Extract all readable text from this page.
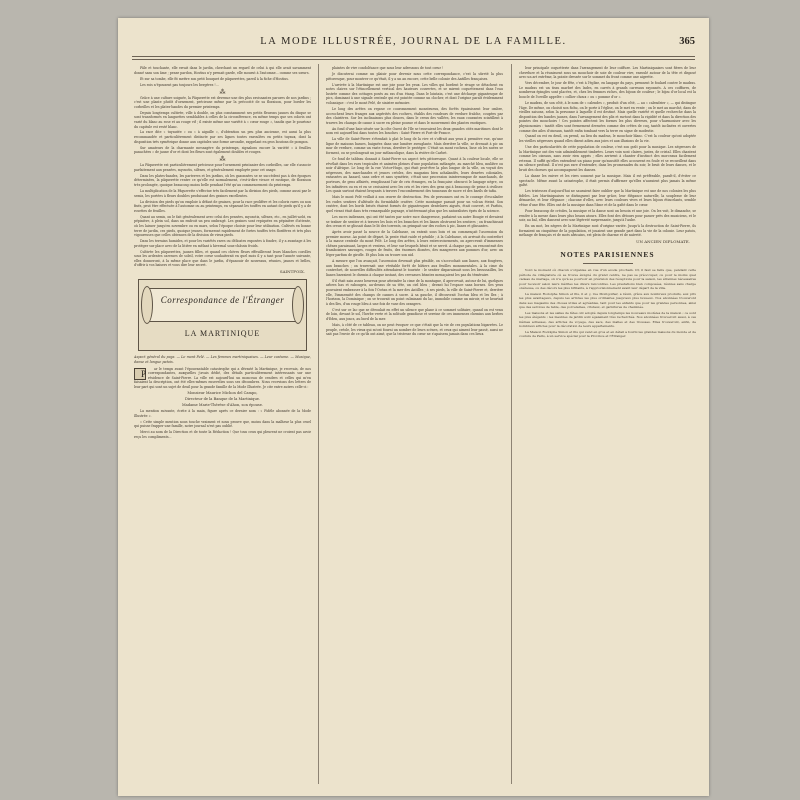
LA MODE ILLUSTRÉE, JOURNAL DE LA FAMILLE.	365

Pâle et touchante, elle errait dans le jardin, cherchant un regard de celui à qui elle avait savamment donné sans son âme ; pense pardon, Hostius n'y prenait garde, elle mourut à l'automne... comme ses sœurs.

Et sur sa tombe, elle fit mettre son petit bouquet de pâquerettes, pareil à la fiche d'Hostius.

Les rois n'épousent pas toujours les bergères !...

⁂

Grâce à une culture soignée, la Pâquerette est devenue une des plus ravissantes parures de nos jardins ; c'est une plante plutôt d'ornement, précieuse même par la précocité de sa floraison, pour border les corbeilles et les plates-bandes du premier printemps.

Depuis longtemps cultivée, ville à double, on plus constamment ses petits fleurons jaunes du disque se sont transformés en languettes semblables à celles de la circonférence, en même temps que ses coloris ont varié du blanc au rose et au rouge vif ; il existe même une variété à « cœur rouge », tandis que le pourtour du capitule est resté blanc.

La race dite « tuyautée » ou « à aiguille », d'obtention un peu plus ancienne, est aussi la plus recommandée et particulièrement distincte par ses lignes toutes enroulées en petits tuyaux, dont la disposition très symétrique donne aux capitules une forme arrondie, rappelant en gros boutons de pompon.

Sur amateurs de la charmante messagère du printemps, signalons encore la variété « à feuilles panachées » de jaune d'or et dont les fleurs sont également doubles et rouges.

⁂

La Pâquerette est particulièrement précieuse pour l'ornement printanier des corbeilles, car elle s'associe parfaitement aux pensées, myosotis, silènes, et généralement employée pour cet usage.

Dans les plates-bandes, les parterres et les jardins, où les gazonnées se se succèdent pas à des époques déterminées, la pâquerette rentre ce qu'elle est normalement, c'est-à-dire vivace et rustique, de floraison très prolongée, quoique beaucoup moins belle pendant l'été qu'au commencement du printemps.

La multiplication de la Pâquerette s'effectue très facilement par la division des pieds, comme aussi par le semis, les portées à fleurs doubles produisant des graines excellentes.

La division des pieds qu'on emploie à défaut de graines, pour la race prolifère et les coloris rares ou non fixés, peut être effectuée à l'automne ou au printemps, en séparant les touffes en autant de pieds qu'il y a de rosettes de feuilles.

Quant au semis, on le fait généralement avec celui des pensées, myosotis, silènes, etc., en juillet-août, en pépinière, à plein sol, dans un endroit un peu ombragé. Les graines sont repiquées en pépinière d'attente, où les laisser jusqu'en novembre ou en mars, selon l'époque choisie pour leur utilisation. Cultivés en bonne terre de jardin, ces pieds, quoique jeunes, formeront rapidement de fortes touffes très florifères et très plus vigoureuses que celles obtenues de la division de vieux pieds.

Dans les terrains humides, et pour les variétés rares ou délicates exposées à fondre, il y a avantage à les protéger sur place avec de la litière en mêlant à hivernal sous-châssis froids.

Cultivée les pâquerettes, jaunes filles, et quand ces chères fleurs effeuilleront leurs blanches corolles sous les ardentes caresses de soleil, votre cœur souhaiterait en quel mois il y a tant pour l'année suivante, elles donneront, à la même place que dans le jardin, d'épanouir de nouveaux, réunies, jaunes et belles, d'offrir à vos baisers et vous dire leur secret.

SAINTFOIX.
Correspondance de l'Étranger
LA MARTINIQUE
Aspect général du pays. — Le mont Pelé. — Les femmes martiniquaises. — Leur costume. — Musique, danse et langue patois.

P ar le temps avant l'épouvantable catastrophe qui a dévasté la Martinique, je recevais, de nos correspondantes, auxquelles j'avais dédié, des détails particulièrement intéressants sur une résidence de Saint-Pierre. La ville est aujourd'hui un monceau de cendres et celles qui m'en faisaient la description, ont été elles-mêmes ensevelies sous ses décombres. Nous recevions des lettres de leur part qui sont un sujet de deuil pour la grande famille de la Mode Illustrée. Je cite entre autres celle-ci :

Monsieur Maurice Michon del Campo,
Directeur de la Banque de la Martinique.
Madame Marie-Thérèse d'Ahon, son épouse.

La mention suivante, écrite à la main, figure après ce dernier nom : « Fidèle abonnée de la Mode Illustrée ».

« Cette simple mention nous touche vraiment et nous prouve que, moins dans la malheur la plus cruel qui puisse frapper une famille, notre journal n'est pas oublié.

Merci au nom de la Direction et de toute la Rédaction ! Que tous ceux qui pleurent ne croient pas avoir reçu les compliments...

plaintes de vive condoléance que nous leur adressons de tout cœur !

Je discuterai comme un plaisir pour devenir nous cette correspondance, c'est la sûreté la plus pittoresque, pour montrer ce qu'était, il y a un an encore, cette belle colonie des Antilles françaises.

L'arrivée à la Martinique est une joie pour les yeux. Les villes qui bordent le rivage se détachent en notes claires sur l'étincellement vertical des hauteurs couvertes, et se mirent coquettement dans l'eau lustrée comme des cottages posés au ras d'un étang. Dans le lointain, c'est une décharge gigantesque de pics, dominant à une signale centrale qui est pointée comme un clocher, et dont l'origine paraît évidemment volcanique : c'est le mont Pelé, de sinistre mémoire.

Le long des arêtes on repose ce couronnement monstrueux, des forêts épaississent leur ombre, accrochent leurs franges aux aspérités des rochers, établis des rondeurs de verdure fraîche, coupées par des clairières. Sur les inclinaisons plus douces, dans le creux des vallées, les eaux courantes scintillent à travers les champs de canne à sucre en pleine pousse et dans le mouvement des plantes exotiques.

Au fond d'une baie située sur la côte Ouest de l'île se trouvaient les deux grandes cités maritimes dont le nom est aujourd'hui dans toutes les bouches : Saint-Pierre et Fort-de-France.

La ville de Saint-Pierre s'étendait à plat le long de la rive et s'offrait aux yeux à première vue, qu'une ligne de maisons basses, baignées dans une lumière aveuglante. Mais derrière la ville, se dressait à pic un mur de verdure, comme un vaste écran, derrière le protéger. C'était un mont rocheux, lisse où les nuées se forment, ou se prolongeait un jour mélancolique, dans la rivière de Carbet.

Ce fond de tableau donnait à Saint-Pierre un aspect très pittoresque. Quant à la couleur locale, elle se révélait dans les rues tropicales et animées pleines d'une population mélangée, au marché bleu, mulâtre ou noir d'Afrique. Le long de la rue Victor-Hugo, qui était peut-être la plus longue de la ville, on voyait des négresses, des marchandes et jeunes créoles, des magasins bien achalandés, leurs denrées coloniales, entassées au hasard, sans ordre et sans symétrie, c'était une procession ininterrompue de marchands, de porteurs, de gens affairés, remplissant l'air de cris étranges, en la française obscurci le langage nègre, ou les infinitives ou en et en se croisaient avec les cris et les rires des gens qui à beaucoup de peine à civiliser. Les quais surtout étaient bruyants à travers l'encombrement des tonneaux de sucre et des barils de tafia.

Mais le mont Pelé veillait à son œuvre de destruction. Peu de personnes ont eu le courage d'escalader les rudes sentiers d'altitude du formidable cratère. Cette montagne passait pour un volcan éteint. Son cratère, dont les bords brisés étaient formés de gigantesques dentelures aiguës, était couvert, et Parfois, quel vivant était dans très remarquable paysage, n'intéressant plus que les naturalistes épris de la science.

Les races indiennes, qui ont été tantes par notre race dangereuse, parlaient un autre Bougie et devaient se traîner de sentier et à travers les bois et les branches et les lianes obstruent les sentiers ; on franchissait des creux et se glissait dans le lit des torrents, on grimpait sur des roches à pic, lianes et glissantes.

Après avoir passé la source de la Calebasse, on entrait sous bois et un commençait l'ascension du premier morne. Au point de départ, la pente était raide et pénible ; à la Calebasse, où arrivait du contrefort à la masse centrale du mont Pelé. Le long des arêtes, à leurs entrecroisements, on apercevait d'immenses chênes paraissant, larges et ventrus, et leur sur lesquels bénit et se servit. A chaque pas, on rencontrait des framboisiers sauvages, rouges de fruits, des énormes dionées, des mangroves aux pommes d'or, avec un léger parfum de girofle. Et plus loin on trouve son nid.

A mesure que l'on avançait, l'ascension devenait plus pénible, on s'accrochait aux lianes, aux fougères, aux branches ; on traversait une véritable forêt de bâtiers aux feuilles monumentales. A la cime du contrefort, de nouvelles difficultés attendaient le touriste : le sentier disparaissait sous les broussailles, les lianes barraient le chemin à chaque instant, des crevasses béantes menaçaient les pas du téméraire.

S'il était sain assez heureux pour atteindre la cime de la montagne, il apercevait, autour de lui, quelques arbres bas et rabougris, au-dessus de sa tête, un ciel bleu ; devant lui l'espace sans bornes. Ses yeux pouvaient embrasser à la fois l'Océan et la mer des Antilles ; à ses pieds, la ville de Saint-Pierre et, derrière elle, l'immensité des champs de cannes à sucre. A sa gauche, il découvrait l'océan bleu et les îles ; à l'horizon, la Dominique ; on se trouvait un point culminant du lac, immobile comme un miroir, et se heurtait à des îles, d'un rouge bleu à une fois de vase des orangers.

C'est sur ce lac que se déroulait en effet un silence que plane à ce sommet solitaire, quand on est venu de loin, devant le sol, l'herbe verte et la solitude grandiose et sereine de ces immenses chemins aux herbes d'Eden, aux joncs, au bord de la mer.

Mais, à côté de ce tableau, on ne peut évoquer ce que c'était que la vie de ces populations bigarrées. Le peuple, créole, les vieux qui m'ont fourni un nombre de leurs scènes, et ceux qui aiment leur passé, aussi ne sait pas l'envie de ce qu'ils ont aimé, que la tristesse du cœur ne s'apaisera jamais dans ces lieux.

leur principale coquetterie dans l'arrangement de leur coiffure. Les Martiniquaises sont fières de leur chevelure et la réunissent sous un mouchoir de soie de couleur vive, enroulé autour de la tête et disposé avec un art extrême, la pointe dressée sur le sommet du front comme une aigrette.

Vers décembre, le jour de fête, c'est à l'église, en langage du pays, prennent le foulard contre le madras. Le madras est un tissu marbré des Indes, en carrés à grands carreaux rayonnés. A ces coiffures, de nombreux épingles sont placées, et, chez les femmes riches, des bijoux de couleur ; le bijou d'or local est la boucle de l'oreille appelée « collier choux » ou « pomme d'or ».

Le madras, de son côté, à le nom de « calendes », produit d'un côté, — au « calendrier », — qui distingue l'âge. De même, on choisit son fichu, on le porte à l'église, on le met en vente ; on le met au marché, dans de vieilles saisons, selon la personne à laquelle il est destiné. Mais quelle variété et quelle recherche dans la disposition des bandes jaunes, dans l'arrangement des plis et surtout dans la rigidité et dans la direction des pointes des mouchoirs ! Ces pointes affectent les formes les plus diverses, pour s'harmoniser avec les physionomies : tantôt elles sont fermement dressées comme des crêtes de coq, tantôt inclinées et ouvertes comme des ailes d'oiseaux, tantôt enfin tombant vers la terre en signe de modestie.

Quand on est en deuil, on prend, au lieu du madras, le mouchoir blanc. C'est la couleur qu'ont adoptée les vieilles négresses quand elles disent adieu aux joies et aux illusions de la vie.

Une des particularités de cette population de couleur, c'est son goût pour la musique. Les négresses de la Martinique ont des voix admirablement timbrées. Leurs voix sont claires, justes, de cristal. Elles chantent comme les oiseaux, sans avoir rien appris ; elles arrivent à chanter d'instinct des morceaux facilement retenus. Il suffit qu'elles entendent un piano pour qu'aussitôt elles accourent en foule et se recueillent dans un silence profond. Il n'est pas rare d'entendre, dans les promenades du soir, le bruit de leurs danses, et le bruit des chœurs qui accompagnent les danses.

La danse les enivre et les rires sonnent par la musique. Mais il est préférable, paraît-il, d'éviter ce spectacle. Même avant la catastrophe, il était permis d'affirmer qu'elles n'auraient plus jamais la même gaîté.

Les tristesses d'aujourd'hui ne sauraient faire oublier que la Martinique est une de nos colonies les plus fidèles. Les Martiniquaises se distinguent par leur grâce, leur élégance naturelle, la souplesse de leur démarche, et leur élégance ; chacune d'elles, avec leurs couleurs vives et leurs bijoux étincelants, semble vêtue d'une fête. Elles ont de la musique dans l'âme et de la gaîté dans le cœur.

Pour beaucoup de créoles, la musique et la danse sont un besoin et une joie. On les voit, le dimanche, se rendre à la messe dans leurs plus beaux atours. Elles font des détours pour passer près des musiciens, et le soir, au bal, elles dansent avec une légèreté surprenante, jusqu'à l'aube.

En un mot, les nègres de la Martinique sont d'origine variée. Jusqu'à la destruction de Saint-Pierre, ils formaient un cinquième de la population, et jouaient une grande part dans la vie de la colonie. Leur patois, mélange de français et de mots africains, est plein de charme et de naïveté.

UN ANCIEN DIPLOMATE.
NOTES PARISIENNES

Voici le moment où chacun s'organise en vue d'un exode prochain. Or, il faut se faire que, pendant cette période de villégiature où se trouve éloigné du grand centre, ne pas se préoccuper, ou pour le moins quel cadeau de mariage, on n'a qu'à se pourvoir en prévision des réceptions pour la saison, les étrennes nécessaires pour recevoir selon leurs mérites les divers rencontres. Les prestations bien composées, réunies sans charge onéreuse, ou des décors les plus brillants, à l'approvisionnement avant leur départ de la ville.

La maison Rodolphe Simon et fils, il et ç, rue Montgolfier, a réuni, grâce aux nombreux produits, aux prix les plus avantageux, depuis les articles les plus ordinaires jusqu'aux plus luxueux. Nos abonnées trouveront dans ses magasins des choses utiles et agréables, tant pour les enfants que pour les grandes personnes, ainsi que des services de table, des porcelaines, cristaux, et garnitures de cheminée.

Les maisons et les salles de fêtes ont adopté depuis longtemps les nouveaux modèles de la maison ; ce sont les plus élégants ; les meubles de jardin sont également très recherchés. Nos abonnées trouveront aussi, à ces mêmes adresses, des articles de voyage, des sacs, des malles et des trousses. Elles trouveront, enfin, de nombreux articles pour la décoration de leurs appartements.

La Maison Rodolphe Simon et fils qui vend en gros et en détail a fourni les grandes maisons du monde et de couture de Paris, à un service spécial pour la Province et l'Étranger.
